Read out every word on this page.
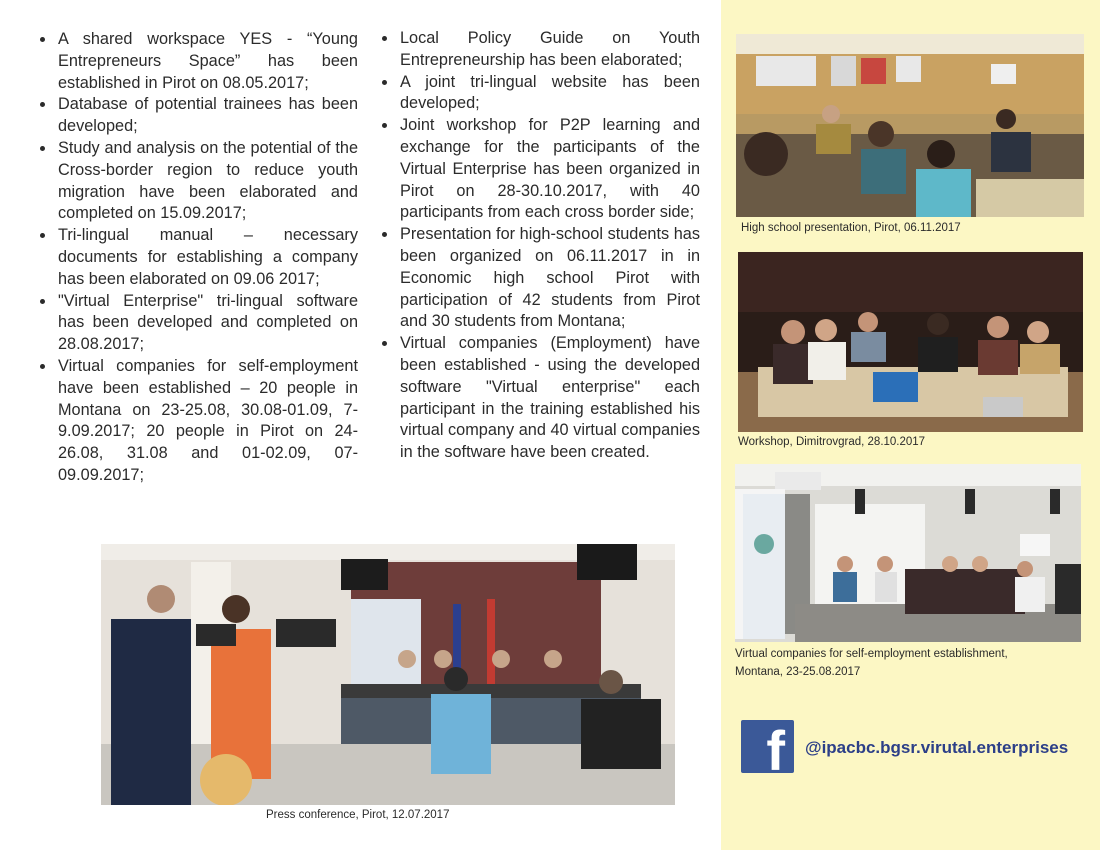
• A shared workspace YES - “Young Entrepreneurs Space” has been established in Pirot on 08.05.2017;
• Database of potential trainees has been developed;
• Study and analysis on the potential of the Cross-border region to reduce youth migration have been elaborated and completed on 15.09.2017;
• Tri-lingual manual – necessary documents for establishing a company has been elaborated on 09.06 2017;
• "Virtual Enterprise" tri-lingual software has been developed and completed on 28.08.2017;
• Virtual companies for self-employment have been established – 20 people in Montana on 23-25.08, 30.08-01.09, 7-9.09.2017; 20 people in Pirot on 24-26.08, 31.08 and 01-02.09, 07-09.09.2017;
• Local Policy Guide on Youth Entrepreneurship has been elaborated;
• A joint tri-lingual website has been developed;
• Joint workshop for P2P learning and exchange for the participants of the Virtual Enterprise has been organized in Pirot on 28-30.10.2017, with 40 participants from each cross border side;
• Presentation for high-school students has been organized on 06.11.2017 in in Economic high school Pirot with participation of 42 students from Pirot and 30 students from Montana;
• Virtual companies (Employment) have been established - using the developed software "Virtual enterprise" each participant in the training established his virtual company and 40 virtual companies in the software have been created.
Press conference, Pirot, 12.07.2017
High school presentation, Pirot, 06.11.2017
Workshop, Dimitrovgrad, 28.10.2017
Virtual companies for self-employment establishment,
Montana, 23-25.08.2017
f @ipacbc.bgsr.virutal.enterprises
